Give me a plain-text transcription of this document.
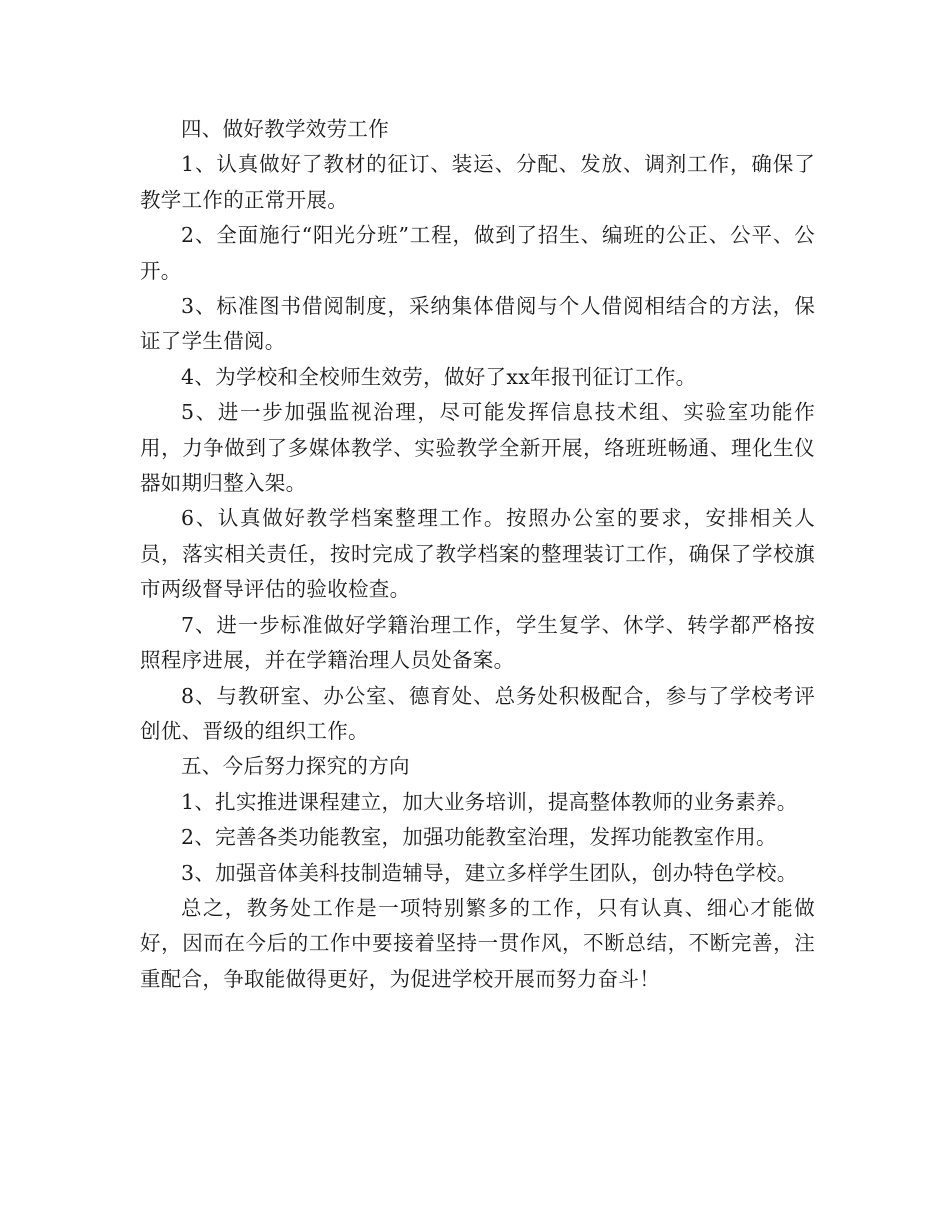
四、做好教学效劳工作

1、认真做好了教材的征订、装运、分配、发放、调剂工作，确保了教学工作的正常开展。

2、全面施行“阳光分班”工程，做到了招生、编班的公正、公平、公开。

3、标准图书借阅制度，采纳集体借阅与个人借阅相结合的方法，保证了学生借阅。

4、为学校和全校师生效劳，做好了xx年报刊征订工作。

5、进一步加强监视治理，尽可能发挥信息技术组、实验室功能作用，力争做到了多媒体教学、实验教学全新开展，络班班畅通、理化生仪器如期归整入架。

6、认真做好教学档案整理工作。按照办公室的要求，安排相关人员，落实相关责任，按时完成了教学档案的整理装订工作，确保了学校旗市两级督导评估的验收检查。

7、进一步标准做好学籍治理工作，学生复学、休学、转学都严格按照程序进展，并在学籍治理人员处备案。

8、与教研室、办公室、德育处、总务处积极配合，参与了学校考评创优、晋级的组织工作。

五、今后努力探究的方向

1、扎实推进课程建立，加大业务培训，提高整体教师的业务素养。

2、完善各类功能教室，加强功能教室治理，发挥功能教室作用。

3、加强音体美科技制造辅导，建立多样学生团队，创办特色学校。

总之，教务处工作是一项特别繁多的工作，只有认真、细心才能做好，因而在今后的工作中要接着坚持一贯作风，不断总结，不断完善，注重配合，争取能做得更好，为促进学校开展而努力奋斗！
